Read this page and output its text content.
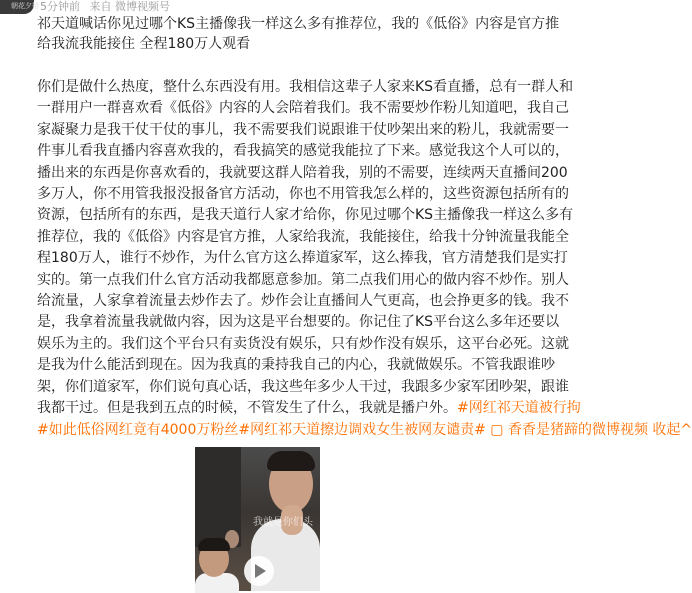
朝花夕拾 5分钟前 来自 微博视频号

祁天道喊话你见过哪个KS主播像我一样这么多有推荐位，我的《低俗》内容是官方推

给我流我能接住 全程180万人观看

你们是做什么热度，整什么东西没有用。我相信这辈子人家来KS看直播，总有一群人和

一群用户一群喜欢看《低俗》内容的人会陪着我们。我不需要炒作粉儿知道吧，我自己

家凝聚力是我干仗干仗的事儿，我不需要我们说跟谁干仗吵架出来的粉儿，我就需要一

件事儿看我直播内容喜欢我的，看我搞笑的感觉我能拉了下来。感觉我这个人可以的，

播出来的东西是你喜欢看的，我就要这群人陪着我，别的不需要，连续两天直播间200

多万人，你不用管我报没报备官方活动，你也不用管我怎么样的，这些资源包括所有的

资源，包括所有的东西，是我天道行人家才给你，你见过哪个KS主播像我一样这么多有

推荐位，我的《低俗》内容是官方推，人家给我流，我能接住，给我十分钟流量我能全

程180万人，谁行不炒作，为什么官方这么捧道家军，这么捧我，官方清楚我们是实打

实的。第一点我们什么官方活动我都愿意参加。第二点我们用心的做内容不炒作。别人

给流量，人家拿着流量去炒作去了。炒作会让直播间人气更高，也会挣更多的钱。我不

是，我拿着流量我就做内容，因为这是平台想要的。你记住了KS平台这么多年还要以

娱乐为主的。我们这个平台只有卖货没有娱乐，只有炒作没有娱乐，这平台必死。这就

是我为什么能活到现在。因为我真的秉持我自己的内心，我就做娱乐。不管我跟谁吵

架，你们道家军，你们说句真心话，我这些年多少人干过，我跟多少家军团吵架，跟谁

我都干过。但是我到五点的时候，不管发生了什么，我就是播户外。#网红祁天道被行拘

#如此低俗网红竟有4000万粉丝#网红祁天道擦边调戏女生被网友谴责# ▢ 香香是猪蹄的微博视频 收起^

我就是你们头
